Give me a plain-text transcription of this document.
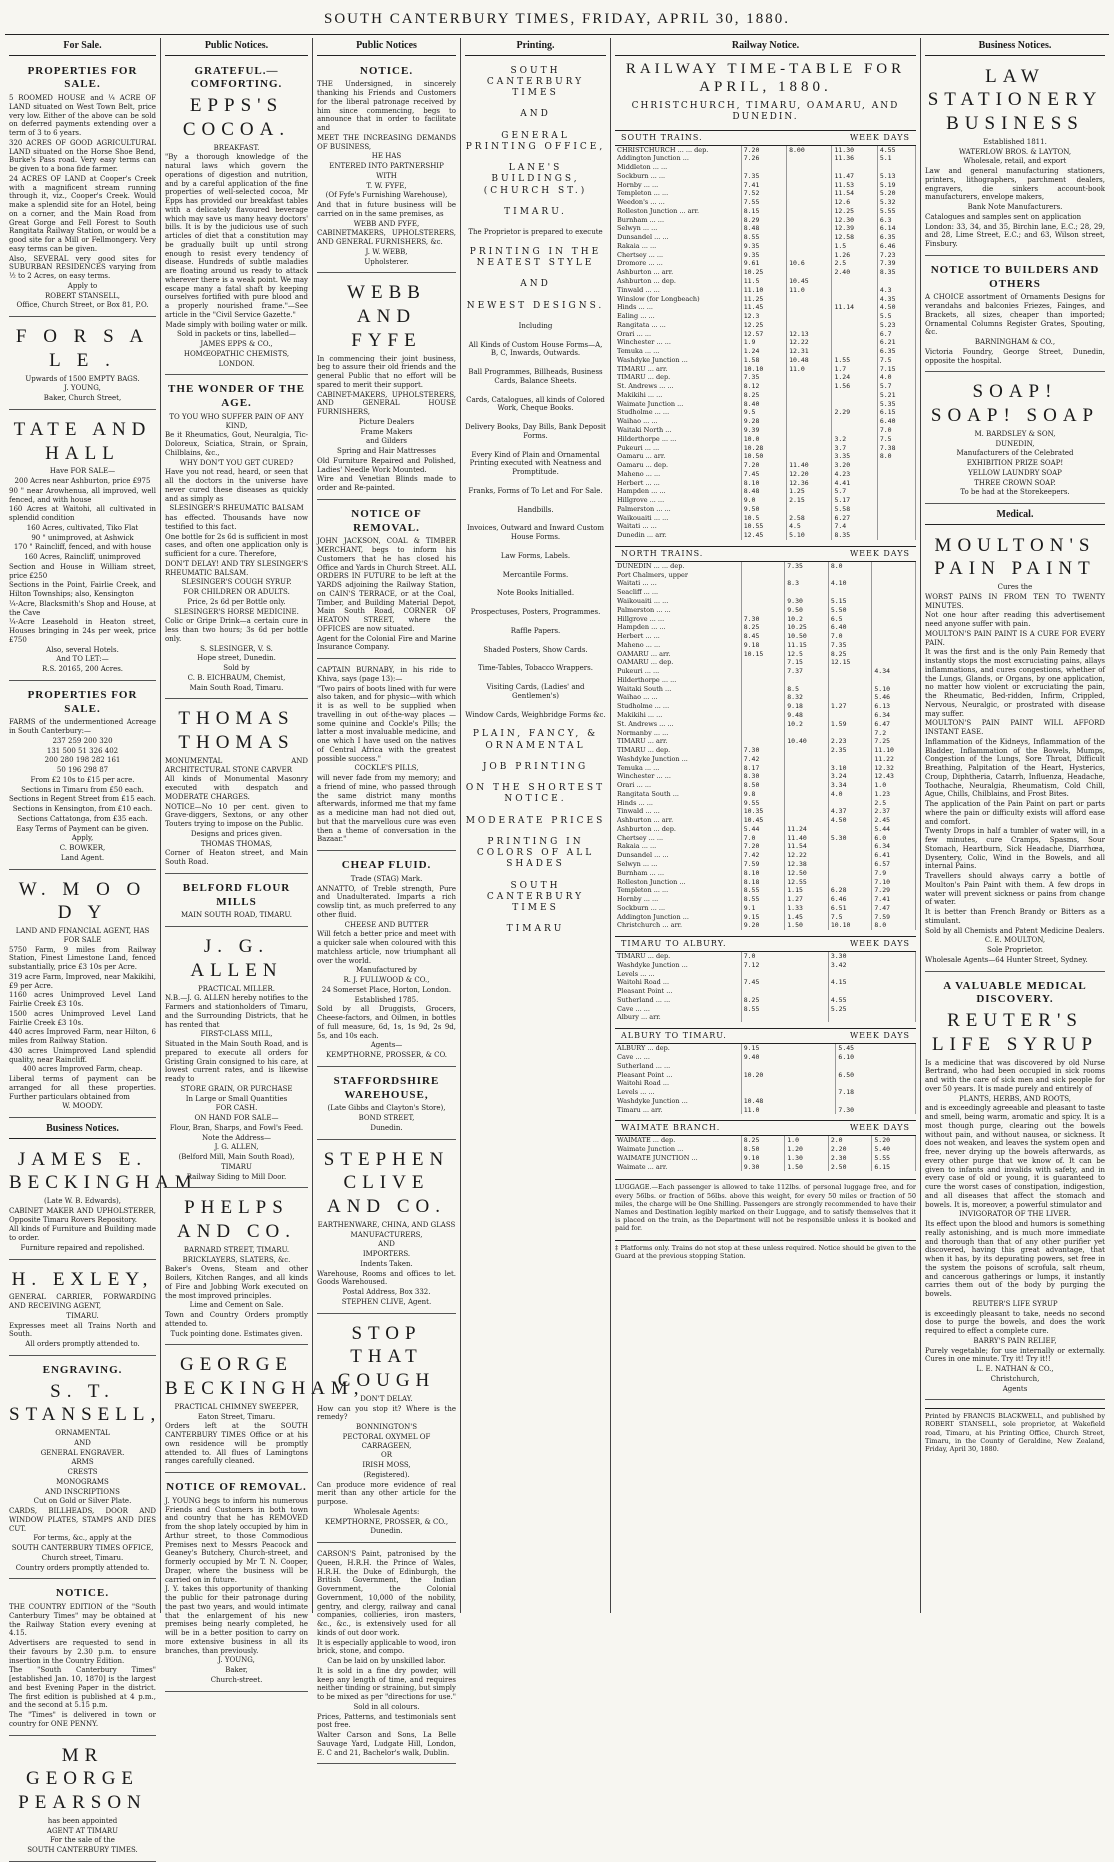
SOUTH CANTERBURY TIMES, FRIDAY, APRIL 30, 1880.
For Sale.
PROPERTIES FOR SALE.

5 ROOMED HOUSE and ¼ ACRE OF LAND situated on West Town Belt, price very low. Either of the above can be sold on deferred payments extending over a term of 3 to 6 years.

320 ACRES OF GOOD AGRICULTURAL LAND situated on the Horse Shoe Bend, Burke's Pass road. Very easy terms can be given to a bona fide farmer.

24 ACRES OF LAND at Cooper's Creek with a magnificent stream running through it, viz., Cooper's Creek. Would make a splendid site for an Hotel, being on a corner, and the Main Road from Great Gorge and Fell Forest to South Rangitata Railway Station, or would be a good site for a Mill or Fellmongery. Very easy terms can be given.

Also, SEVERAL very good sites for SUBURBAN RESIDENCES varying from ½ to 2 Acres, on easy terms.

Apply to

ROBERT STANSELL,

Office, Church Street, or Box 81, P.O.

F O R S A L E .

Upwards of 1500 EMPTY BAGS.

J. YOUNG,

Baker, Church Street,

TATE AND HALL

Have FOR SALE—

200 Acres near Ashburton, price £975

90 " near Arowhenua, all improved, well fenced, and with house

160 Acres at Waitohi, all cultivated in splendid condition

160 Acres, cultivated, Tiko Flat

90 " unimproved, at Ashwick

170 " Raincliff, fenced, and with house

160 Acres, Raincliff, unimproved

Section and House in William street, price £250

Sections in the Point, Fairlie Creek, and Hilton Townships; also, Kensington

¼-Acre, Blacksmith's Shop and House, at the Cave

¼-Acre Leasehold in Heaton street, Houses bringing in 24s per week, price £750

Also, several Hotels.

And TO LET:—

R.S. 20165, 200 Acres.

PROPERTIES FOR SALE.

FARMS of the undermentioned Acreage in South Canterbury:—

237 259 200 320

131 500 51 326 402

200 280 198 282 161

50 196 298 87

From £2 10s to £15 per acre.

Sections in Timaru from £50 each.

Sections in Regent Street from £15 each.

Sections in Kensington, from £10 each.

Sections Cattatonga, from £35 each.

Easy Terms of Payment can be given.

Apply,

C. BOWKER,

Land Agent.

W. M O O D Y

LAND AND FINANCIAL AGENT, HAS FOR SALE

5750 Farm, 9 miles from Railway Station, Finest Limestone Land, fenced substantially, price £3 10s per Acre.

319 acre Farm, Improved, near Makikihi, £9 per Acre.

1160 acres Unimproved Level Land Fairlie Creek £3 10s.

1500 acres Unimproved Level Land Fairlie Creek £3 10s.

440 acres Improved Farm, near Hilton, 6 miles from Railway Station.

430 acres Unimproved Land splendid quality, near Raincliff.

400 acres Improved Farm, cheap.

Liberal terms of payment can be arranged for all these properties. Further particulars obtained from

W. MOODY.

Business Notices.
JAMES E. BECKINGHAM

(Late W. B. Edwards),

CABINET MAKER AND UPHOLSTERER, Opposite Timaru Rovers Repository.

All kinds of Furniture and Building made to order.

Furniture repaired and repolished.

H. EXLEY,

GENERAL CARRIER, FORWARDING AND RECEIVING AGENT,

TIMARU.

Expresses meet all Trains North and South.

All orders promptly attended to.

ENGRAVING.
S. T. STANSELL,

ORNAMENTAL

AND

GENERAL ENGRAVER.

ARMS

CRESTS

MONOGRAMS

AND INSCRIPTIONS

Cut on Gold or Silver Plate.

CARDS, BILLHEADS, DOOR AND WINDOW PLATES, STAMPS AND DIES CUT.

For terms, &c., apply at the

SOUTH CANTERBURY TIMES OFFICE,

Church street, Timaru.

Country orders promptly attended to.

NOTICE.

THE COUNTRY EDITION of the "South Canterbury Times" may be obtained at the Railway Station every evening at 4.15.

Advertisers are requested to send in their favours by 2.30 p.m. to ensure insertion in the Country Edition.

The "South Canterbury Times" [established Jan. 10, 1870] is the largest and best Evening Paper in the district. The first edition is published at 4 p.m., and the second at 5.15 p.m.

The "Times" is delivered in town or country for ONE PENNY.

MR GEORGE PEARSON

has been appointed

AGENT AT TIMARU

For the sale of the

SOUTH CANTERBURY TIMES.

Public Notices.
GRATEFUL.—COMFORTING.
EPPS'S COCOA.

BREAKFAST.

"By a thorough knowledge of the natural laws which govern the operations of digestion and nutrition, and by a careful application of the fine properties of well-selected cocoa, Mr Epps has provided our breakfast tables with a delicately flavoured beverage which may save us many heavy doctors' bills. It is by the judicious use of such articles of diet that a constitution may be gradually built up until strong enough to resist every tendency of disease. Hundreds of subtle maladies are floating around us ready to attack wherever there is a weak point. We may escape many a fatal shaft by keeping ourselves fortified with pure blood and a properly nourished frame."—See article in the "Civil Service Gazette."

Made simply with boiling water or milk.

Sold in packets or tins, labelled—

JAMES EPPS & CO.,

HOMŒOPATHIC CHEMISTS,

LONDON.

THE WONDER OF THE AGE.

TO YOU WHO SUFFER PAIN OF ANY KIND,

Be it Rheumatics, Gout, Neuralgia, Tic-Doloreux, Sciatica, Strain, or Sprain, Chilblains, &c.,

WHY DON'T YOU GET CURED?

Have you not read, heard, or seen that all the doctors in the universe have never cured these diseases as quickly and as simply as

SLESINGER'S RHEUMATIC BALSAM

has effected. Thousands have now testified to this fact.

One bottle for 2s 6d is sufficient in most cases, and often one application only is sufficient for a cure. Therefore,

DON'T DELAY! AND TRY SLESINGER'S RHEUMATIC BALSAM.

SLESINGER'S COUGH SYRUP.

FOR CHILDREN OR ADULTS.

Price, 2s 6d per Bottle only.

SLESINGER'S HORSE MEDICINE.

Colic or Gripe Drink—a certain cure in less than two hours; 3s 6d per bottle only.

S. SLESINGER, V. S.

Hope street, Dunedin.

Sold by

C. B. EICHBAUM, Chemist,

Main South Road, Timaru.

THOMAS THOMAS

MONUMENTAL AND ARCHITECTURAL STONE CARVER

All kinds of Monumental Masonry executed with despatch and MODERATE CHARGES.

NOTICE—No 10 per cent. given to Grave-diggers, Sextons, or any other Touters trying to impose on the Public.

Designs and prices given.

THOMAS THOMAS,

Corner of Heaton street, and Main South Road.

BELFORD FLOUR MILLS

MAIN SOUTH ROAD, TIMARU.

J. G. ALLEN

PRACTICAL MILLER.

N.B.—J. G. ALLEN hereby notifies to the Farmers and stationholders of Timaru, and the Surrounding Districts, that he has rented that

FIRST-CLASS MILL,

Situated in the Main South Road, and is prepared to execute all orders for Gristing Grain consigned to his care, at lowest current rates, and is likewise ready to

STORE GRAIN, OR PURCHASE

In Large or Small Quantities

FOR CASH.

ON HAND FOR SALE—

Flour, Bran, Sharps, and Fowl's Feed.

Note the Address—

J. G. ALLEN,

(Belford Mill, Main South Road),

TIMARU

Railway Siding to Mill Door.

PHELPS AND CO.

BARNARD STREET, TIMARU.

BRICKLAYERS, SLATERS, &c.

Baker's Ovens, Steam and other Boilers, Kitchen Ranges, and all kinds of Fire and Jobbing Work executed on the most improved principles.

Lime and Cement on Sale.

Town and Country Orders promptly attended to.

Tuck pointing done. Estimates given.

GEORGE BECKINGHAM,

PRACTICAL CHIMNEY SWEEPER,

Eaton Street, Timaru.

Orders left at the SOUTH CANTERBURY TIMES Office or at his own residence will be promptly attended to. All flues of Lamingtons ranges carefully cleaned.

NOTICE OF REMOVAL.

J. YOUNG begs to inform his numerous Friends and Customers in both town and country that he has REMOVED from the shop lately occupied by him in Arthur street, to those Commodious Premises next to Messrs Peacock and Geaney's Butchery, Church-street, and formerly occupied by Mr T. N. Cooper, Draper, where the business will be carried on in future.

J. Y. takes this opportunity of thanking the public for their patronage during the past two years, and would intimate that the enlargement of his new premises being nearly completed, he will be in a better position to carry on more extensive business in all its branches, than previously.

J. YOUNG,

Baker,

Church-street.

Public Notices
NOTICE.

THE Undersigned, in sincerely thanking his Friends and Customers for the liberal patronage received by him since commencing, begs to announce that in order to facilitate and

MEET THE INCREASING DEMANDS OF BUSINESS,

HE HAS

ENTERED INTO PARTNERSHIP

WITH

T. W. FYFE,

(Of Fyfe's Furnishing Warehouse),

And that in future business will be carried on in the same premises, as

WEBB AND FYFE,

CABINETMAKERS, UPHOLSTERERS, AND GENERAL FURNISHERS, &c.

J. W. WEBB,

Upholsterer.

WEBB AND FYFE

In commencing their joint business, beg to assure their old friends and the general Public that no effort will be spared to merit their support.

CABINET-MAKERS, UPHOLSTERERS, AND GENERAL HOUSE FURNISHERS,

Picture Dealers

Frame Makers

and Gilders

Spring and Hair Mattresses

Old Furniture Repaired and Polished, Ladies' Needle Work Mounted.

Wire and Venetian Blinds made to order and Re-painted.

NOTICE OF REMOVAL.

JOHN JACKSON, COAL & TIMBER MERCHANT, begs to inform his Customers that he has closed his Office and Yards in Church Street. ALL ORDERS IN FUTURE to be left at the YARDS adjoining the Railway Station, on CAIN'S TERRACE, or at the Coal, Timber, and Building Material Depot, Main South Road, CORNER OF HEATON STREET, where the OFFICES are now situated.

Agent for the Colonial Fire and Marine Insurance Company.

CAPTAIN BURNABY, in his ride to Khiva, says (page 13):—

"Two pairs of boots lined with fur were also taken, and for physic—with which it is as well to be supplied when travelling in out of-the-way places — some quinine and Cockle's Pills; the latter a most invaluable medicine, and one which I have used on the natives of Central Africa with the greatest possible success."

COCKLE'S PILLS,

will never fade from my memory; and a friend of mine, who passed through the same district many months afterwards, informed me that my fame as a medicine man had not died out, but that the marvellous cure was even then a theme of conversation in the Bazaar."

CHEAP FLUID.

Trade (STAG) Mark.

ANNATTO, of Treble strength, Pure and Unadulterated. Imparts a rich cowslip tint, as much preferred to any other fluid.

CHEESE AND BUTTER

Will fetch a better price and meet with a quicker sale when coloured with this matchless article, now triumphant all over the world.

Manufactured by

R. J. FULLWOOD & CO.,

24 Somerset Place, Horton, London.

Established 1785.

Sold by all Druggists, Grocers, Cheese-factors, and Oilmen, in bottles of full measure, 6d, 1s, 1s 9d, 2s 9d, 5s, and 10s each.

Agents—

KEMPTHORNE, PROSSER, & CO.

STAFFORDSHIRE WAREHOUSE,

(Late Gibbs and Clayton's Store),

BOND STREET,

Dunedin.

STEPHEN CLIVE AND CO.

EARTHENWARE, CHINA, AND GLASS

MANUFACTURERS,

AND

IMPORTERS.

Indents Taken.

Warehouse, Rooms and offices to let. Goods Warehoused.

Postal Address, Box 332.

STEPHEN CLIVE, Agent.

STOP THAT COUGH

DON'T DELAY.

How can you stop it? Where is the remedy?

BONNINGTON'S

PECTORAL OXYMEL OF CARRAGEEN,

OR

IRISH MOSS,

(Registered).

Can produce more evidence of real merit than any other article for the purpose.

Wholesale Agents:

KEMPTHORNE, PROSSER, & CO.,

Dunedin.

CARSON'S Paint, patronised by the Queen, H.R.H. the Prince of Wales, H.R.H. the Duke of Edinburgh, the British Government, the Indian Government, the Colonial Government, 10,000 of the nobility, gentry, and clergy, railway and canal companies, collieries, iron masters, &c., &c., is extensively used for all kinds of out door work.

It is especially applicable to wood, iron brick, stone, and compo.

Can be laid on by unskilled labor.

It is sold in a fine dry powder, will keep any length of time, and requires neither tinding or straining, but simply to be mixed as per "directions for use."

Sold in all colours.

Prices, Patterns, and testimonials sent post free.

Walter Carson and Sons, La Belle Sauvage Yard, Ludgate Hill, London, E. C and 21, Bachelor's walk, Dublin.

Printing.

SOUTH CANTERBURY TIMES

AND

GENERAL PRINTING OFFICE,

LANE'S BUILDINGS, (CHURCH ST.)

TIMARU.

The Proprietor is prepared to execute

PRINTING IN THE NEATEST STYLE

AND

NEWEST DESIGNS.

Including

All Kinds of Custom House Forms—A, B, C, Inwards, Outwards.

Ball Programmes, Billheads, Business Cards, Balance Sheets.

Cards, Catalogues, all kinds of Colored Work, Cheque Books.

Delivery Books, Day Bills, Bank Deposit Forms.

Every Kind of Plain and Ornamental Printing executed with Neatness and Promptitude.

Franks, Forms of To Let and For Sale.

Handbills.

Invoices, Outward and Inward Custom House Forms.

Law Forms, Labels.

Mercantile Forms.

Note Books Initialled.

Prospectuses, Posters, Programmes.

Raffle Papers.

Shaded Posters, Show Cards.

Time-Tables, Tobacco Wrappers.

Visiting Cards, (Ladies' and Gentlemen's)

Window Cards, Weighbridge Forms &c.

PLAIN, FANCY, & ORNAMENTAL

JOB PRINTING

ON THE SHORTEST NOTICE.

MODERATE PRICES

PRINTING IN COLORS OF ALL SHADES

SOUTH CANTERBURY TIMES

TIMARU

Railway Notice.
RAILWAY TIME-TABLE FOR APRIL, 1880.
CHRISTCHURCH, TIMARU, OAMARU, AND DUNEDIN.
SOUTH TRAINS.	WEEK DAYS
CHRISTCHURCH ... ... dep.	7.20	8.00	11.30	4.55
Addington Junction ...	7.26		11.36	5.1
Middleton ... ...				
Sockburn ... ...	7.35		11.47	5.13
Hornby ... ...	7.41		11.53	5.19
Templeton ... ...	7.52		11.54	5.20
Weedon's ... ...	7.55		12.6	5.32
Rolleston Junction ... arr.	8.15		12.25	5.55
Burnham ... ...	8.29		12.30	6.3
Selwyn ... ...	8.48		12.39	6.14
Dunsandel ... ...	8.55		12.58	6.35
Rakaia ... ...	9.35		1.5	6.46
Chertsey ... ...	9.35		1.26	7.23
Dromore ... ...	9.61	10.6	2.5	7.39
Ashburton ... arr.	10.25		2.40	8.35
Ashburton ... dep.	11.5	10.45		
Tinwald ... ...	11.10	11.0		4.3
Winslow (for Longbeach)	11.25			4.35
Hinds ... ...	11.45		11.14	4.50
Ealing ... ...	12.3			5.5
Rangitata ... ...	12.25			5.23
Orari ... ...	12.57	12.13		6.7
Winchester ... ...	1.9	12.22		6.21
Temuka ... ...	1.24	12.31		6.35
Washdyke Junction ...	1.58	10.48	1.55	7.5
TIMARU ... arr.	10.10	11.0	1.7	7.15
TIMARU ... dep.	7.35		1.24	4.0
St. Andrews ... ...	8.12		1.56	5.7
Makikihi ... ...	8.25			5.21
Waimate Junction ...	8.40			5.35
Studholme ... ...	9.5		2.29	6.15
Waihao ... ...	9.28			6.40
Waitaki North ...	9.39			7.0
Hilderthorpe ... ...	10.0		3.2	7.5
Pukeuri ... ...	10.28		3.7	7.38
Oamaru ... arr.	10.50		3.35	8.0
Oamaru ... dep.	7.20	11.40	3.20	
Maheno ... ...	7.45	12.20	4.23	
Herbert ... ...	8.10	12.36	4.41	
Hampden ... ...	8.48	1.25	5.7	
Hillgrove ... ...	9.0	2.15	5.17	
Palmerston ... ...	9.50		5.58	
Waikouaiti ... ...	10.5	2.58	6.27	
Waitati ... ...	10.55	4.5	7.4	
Dunedin ... arr.	12.45	5.10	8.35	
NORTH TRAINS.	WEEK DAYS
DUNEDIN ... ... dep.		7.35	8.0	
Port Chalmers, upper				
Waitati ... ...		8.3	4.10	
Seacliff ... ...				
Waikouaiti ... ...		9.30	5.15	
Palmerston ... ...		9.50	5.50	
Hillgrove ... ...	7.30	10.2	6.5	
Hampden ... ...	8.25	10.25	6.40	
Herbert ... ...	8.45	10.50	7.0	
Maheno ... ...	9.18	11.15	7.35	
OAMARU ... arr.	10.15	12.5	8.25	
OAMARU ... dep.		7.15	12.15	
Pukeuri ... ...		7.37		4.34
Hilderthorpe ... ...				
Waitaki South ...		8.5		5.10
Waihao ... ...		8.32		5.46
Studholme ... ...		9.18	1.27	6.13
Makikihi ... ...		9.48		6.34
St. Andrews ... ...		10.2	1.59	6.47
Normanby ... ...				7.2
TIMARU ... arr.		10.40	2.23	7.25
TIMARU ... dep.	7.30		2.35	11.10
Washdyke Junction ...	7.42			11.22
Temuka ... ...	8.17		3.10	12.32
Winchester ... ...	8.30		3.24	12.43
Orari ... ...	8.50		3.34	1.0
Rangitata South ...	9.8		4.0	1.23
Hinds ... ...	9.55			2.5
Tinwald ... ...	10.35		4.37	2.37
Ashburton ... arr.	10.45		4.50	2.45
Ashburton ... dep.	5.44	11.24		5.44
Chertsey ... ...	7.0	11.40	5.30	6.0
Rakaia ... ...	7.20	11.54		6.34
Dunsandel ... ...	7.42	12.22		6.41
Selwyn ... ...	7.59	12.38		6.57
Burnham ... ...	8.10	12.50		7.9
Rolleston Junction ...	8.18	12.55		7.10
Templeton ... ...	8.55	1.15	6.28	7.29
Hornby ... ...	8.55	1.27	6.46	7.41
Sockburn ... ...	9.1	1.33	6.51	7.47
Addington Junction ...	9.15	1.45	7.5	7.59
Christchurch ... arr.	9.20	1.50	10.10	8.0
TIMARU TO ALBURY.	WEEK DAYS
TIMARU ... dep.	7.0	3.30
Washdyke Junction ...	7.12	3.42
Levels ... ...		
Waitohi Road ...	7.45	4.15
Pleasant Point ...		
Sutherland ... ...	8.25	4.55
Cave ... ...	8.55	5.25
Albury ... arr.		
ALBURY TO TIMARU.	WEEK DAYS
ALBURY ... dep.	9.15	5.45
Cave ... ...	9.40	6.10
Sutherland ... ...		
Pleasant Point ...	10.20	6.50
Waitohi Road ...		
Levels ... ...		7.18
Washdyke Junction ...	10.48	
Timaru ... arr.	11.0	7.30
WAIMATE BRANCH.	WEEK DAYS
WAIMATE ... dep.	8.25	1.0	2.0	5.20
Waimate Junction ...	8.50	1.20	2.20	5.40
WAIMATE JUNCTION ...	9.10	1.30	2.30	5.55
Waimate ... arr.	9.30	1.50	2.50	6.15
LUGGAGE.—Each passenger is allowed to take 112lbs. of personal luggage free, and for every 56lbs. or fraction of 56lbs. above this weight, for every 50 miles or fraction of 50 miles, the charge will be One Shilling. Passengers are strongly recommended to have their Names and Destination legibly marked on their Luggage, and to satisfy themselves that it is placed on the train, as the Department will not be responsible unless it is booked and paid for.
‡ Platforms only. Trains do not stop at these unless required. Notice should be given to the Guard at the previous stopping Station.
Business Notices.
LAW STATIONERY BUSINESS

Established 1811.

WATERLOW BROS. & LAYTON,

Wholesale, retail, and export

Law and general manufacturing stationers, printers, lithographers, parchment dealers, engravers, die sinkers account-book manufacturers, envelope makers,

Bank Note Manufacturers.

Catalogues and samples sent on application

London: 33, 34, and 35, Birchin lane, E.C.; 28, 29, and 28, Lime Street, E.C.; and 63, Wilson street, Finsbury.

NOTICE TO BUILDERS AND OTHERS

A CHOICE assortment of Ornaments Designs for verandahs and balconies Friezes, Fainges, and Brackets, all sizes, cheaper than imported; Ornamental Columns Register Grates, Spouting, &c.

BARNINGHAM & CO.,

Victoria Foundry, George Street, Dunedin, opposite the hospital.

SOAP! SOAP! SOAP

M. BARDSLEY & SON,

DUNEDIN,

Manufacturers of the Celebrated

EXHIBITION PRIZE SOAP!

YELLOW LAUNDRY SOAP

THREE CROWN SOAP.

To be had at the Storekeepers.

Medical.
MOULTON'S PAIN PAINT

Cures the

WORST PAINS IN FROM TEN TO TWENTY MINUTES.

Not one hour after reading this advertisement need anyone suffer with pain.

MOULTON'S PAIN PAINT IS A CURE FOR EVERY PAIN.

It was the first and is the only Pain Remedy that instantly stops the most excruciating pains, allays inflammations, and cures congestions, whether of the Lungs, Glands, or Organs, by one application, no matter how violent or excruciating the pain, the Rheumatic, Bed-ridden, Infirm, Crippled, Nervous, Neuralgic, or prostrated with disease may suffer.

MOULTON'S PAIN PAINT WILL AFFORD INSTANT EASE.

Inflammation of the Kidneys, Inflammation of the Bladder, Inflammation of the Bowels, Mumps, Congestion of the Lungs, Sore Throat, Difficult Breathing, Palpitation of the Heart, Hysterics, Croup, Diphtheria, Catarrh, Influenza, Headache, Toothache, Neuralgia, Rheumatism, Cold Chill, Ague, Chills, Chilblains, and Frost Bites.

The application of the Pain Paint on part or parts where the pain or difficulty exists will afford ease and comfort.

Twenty Drops in half a tumbler of water will, in a few minutes, cure Cramps, Spasms, Sour Stomach, Heartburn, Sick Headache, Diarrhœa, Dysentery, Colic, Wind in the Bowels, and all internal Pains.

Travellers should always carry a bottle of Moulton's Pain Paint with them. A few drops in water will prevent sickness or pains from change of water.

It is better than French Brandy or Bitters as a stimulant.

Sold by all Chemists and Patent Medicine Dealers.

C. E. MOULTON,

Sole Proprietor.

Wholesale Agents—64 Hunter Street, Sydney.

A VALUABLE MEDICAL DISCOVERY.
REUTER'S LIFE SYRUP

Is a medicine that was discovered by old Nurse Bertrand, who had been occupied in sick rooms and with the care of sick men and sick people for over 50 years. It is made purely and entirely of

PLANTS, HERBS, AND ROOTS,

and is exceedingly agreeable and pleasant to taste and smell, being warm, aromatic and spicy. It is a most though purge, clearing out the bowels without pain, and without nausea, or sickness. It does not weaken, and leaves the system open and free, never drying up the bowels afterwards, as every other purge that we know of. It can be given to infants and invalids with safety, and in every case of old or young, it is guaranteed to cure the worst cases of constipation, indigestion, and all diseases that affect the stomach and bowels. It is, moreover, a powerful stimulator and

INVIGORATOR OF THE LIVER.

Its effect upon the blood and humors is something really astonishing, and is much more immediate and thorough than that of any other purifier yet discovered, having this great advantage, that when it has, by its depurating powers, set free in the system the poisons of scrofula, salt rheum, and cancerous gatherings or lumps, it instantly carries them out of the body by purging the bowels.

REUTER'S LIFE SYRUP

is exceedingly pleasant to take, needs no second dose to purge the bowels, and does the work required to effect a complete cure.

BARRY'S PAIN RELIEF,

Purely vegetable; for use internally or externally. Cures in one minute. Try it! Try it!!

L. E. NATHAN & CO.,

Christchurch,

Agents

Printed by FRANCIS BLACKWELL, and published by ROBERT STANSELL, sole proprietor, at Wakefield road, Timaru, at his Printing Office, Church Street, Timaru, in the County of Geraldine, New Zealand, Friday, April 30, 1880.
